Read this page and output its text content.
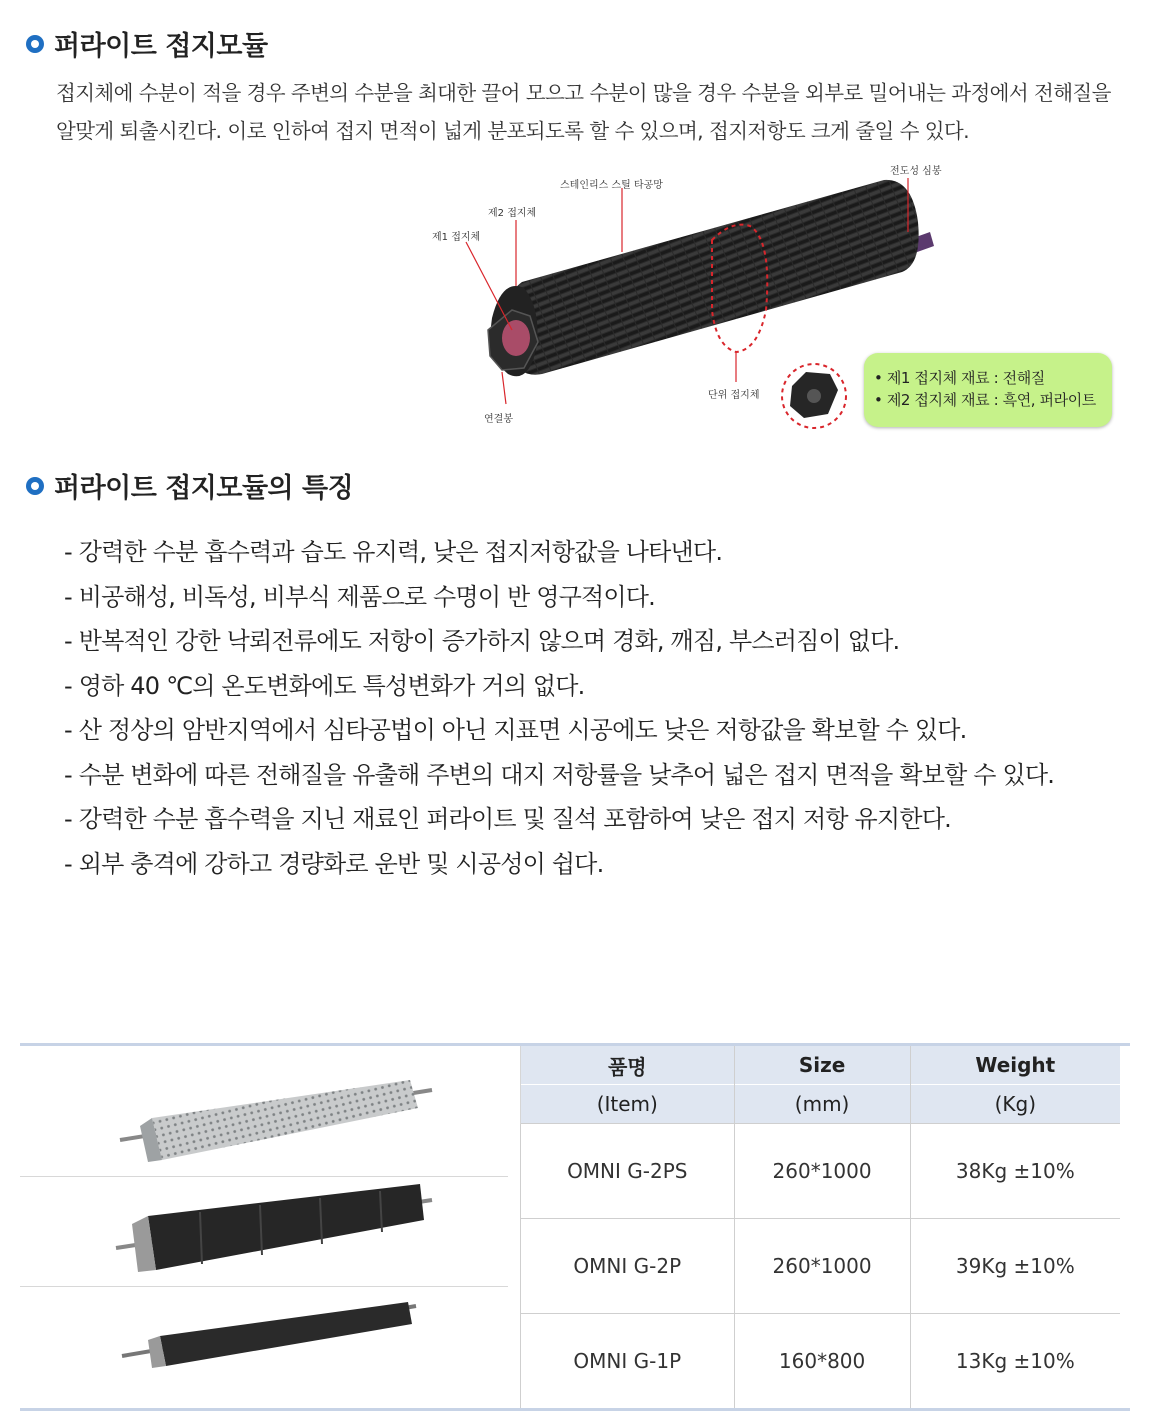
퍼라이트 접지모듈
접지체에 수분이 적을 경우 주변의 수분을 최대한 끌어 모으고 수분이 많을 경우 수분을 외부로 밀어내는 과정에서 전해질을 알맞게 퇴출시킨다. 이로 인하여 접지 면적이 넓게 분포되도록 할 수 있으며, 접지저항도 크게 줄일 수 있다.
전도성 심봉
스테인리스 스틸 타공망
제2 접지체
제1 접지체
연결봉
단위 접지체
• 제1 접지체 재료 : 전해질
• 제2 접지체 재료 : 흑연, 퍼라이트
퍼라이트 접지모듈의 특징
- 강력한 수분 흡수력과 습도 유지력, 낮은 접지저항값을 나타낸다.
- 비공해성, 비독성, 비부식 제품으로 수명이 반 영구적이다.
- 반복적인 강한 낙뢰전류에도 저항이 증가하지 않으며 경화, 깨짐, 부스러짐이 없다.
- 영하 40 ℃의 온도변화에도 특성변화가 거의 없다.
- 산 정상의 암반지역에서 심타공법이 아닌 지표면 시공에도 낮은 저항값을 확보할 수 있다.
- 수분 변화에 따른 전해질을 유출해 주변의 대지 저항률을 낮추어 넓은 접지 면적을 확보할 수 있다.
- 강력한 수분 흡수력을 지닌 재료인 퍼라이트 및 질석 포함하여 낮은 접지 저항 유지한다.
- 외부 충격에 강하고 경량화로 운반 및 시공성이 쉽다.
품명	Size	Weight
(Item)	(mm)	(Kg)
OMNI G-2PS	260*1000	38Kg ±10%
OMNI G-2P	260*1000	39Kg ±10%
OMNI G-1P	160*800	13Kg ±10%
